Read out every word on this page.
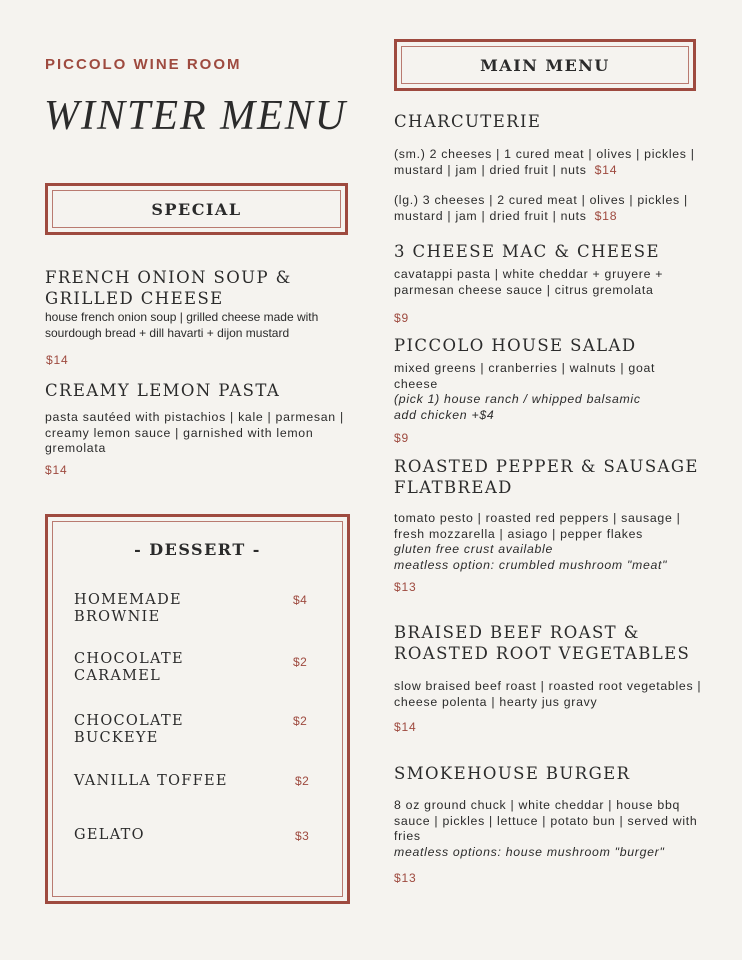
PICCOLO WINE ROOM
WINTER MENU
SPECIAL
FRENCH ONION SOUP &
GRILLED CHEESE
house french onion soup | grilled cheese made with
sourdough bread + dill havarti + dijon mustard
$14
CREAMY LEMON PASTA
pasta sautéed with pistachios | kale | parmesan |
creamy lemon sauce | garnished with lemon
gremolata
$14
- DESSERT -
HOMEMADE
BROWNIE
$4
CHOCOLATE
CARAMEL
$2
CHOCOLATE
BUCKEYE
$2
VANILLA TOFFEE	$2
GELATO	$3
MAIN MENU
CHARCUTERIE
(sm.) 2 cheeses | 1 cured meat | olives | pickles |
mustard | jam | dried fruit | nuts $14
(lg.) 3 cheeses | 2 cured meat | olives | pickles |
mustard | jam | dried fruit | nuts $18
3 CHEESE MAC & CHEESE
cavatappi pasta | white cheddar + gruyere +
parmesan cheese sauce | citrus gremolata
$9
PICCOLO HOUSE SALAD
mixed greens | cranberries | walnuts | goat
cheese
(pick 1) house ranch / whipped balsamic
add chicken +$4
$9
ROASTED PEPPER & SAUSAGE
FLATBREAD
tomato pesto | roasted red peppers | sausage |
fresh mozzarella | asiago | pepper flakes
gluten free crust available
meatless option: crumbled mushroom "meat"
$13
BRAISED BEEF ROAST &
ROASTED ROOT VEGETABLES
slow braised beef roast | roasted root vegetables |
cheese polenta | hearty jus gravy
$14
SMOKEHOUSE BURGER
8 oz ground chuck | white cheddar | house bbq
sauce | pickles | lettuce | potato bun | served with
fries
meatless options: house mushroom "burger"
$13
